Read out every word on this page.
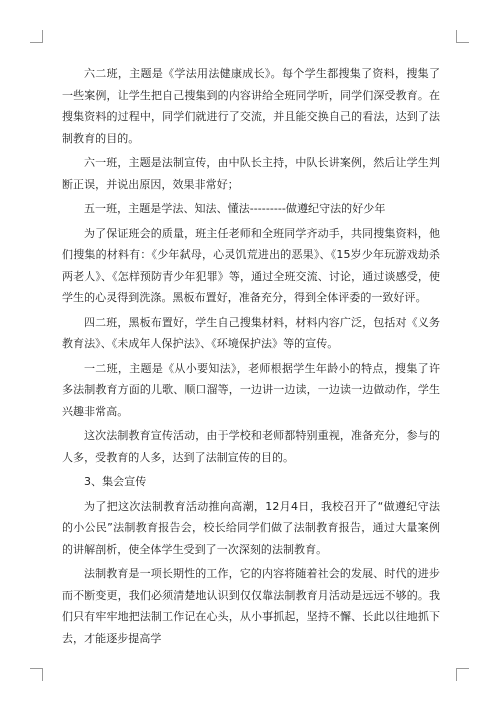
六二班，主题是《学法用法健康成长》。每个学生都搜集了资料，搜集了一些案例，让学生把自己搜集到的内容讲给全班同学听，同学们深受教育。在搜集资料的过程中，同学们就进行了交流，并且能交换自己的看法，达到了法制教育的目的。

六一班，主题是法制宣传，由中队长主持，中队长讲案例，然后让学生判断正误，并说出原因，效果非常好；

五一班，主题是学法、知法、懂法---------做遵纪守法的好少年

为了保证班会的质量，班主任老师和全班同学齐动手，共同搜集资料，他们搜集的材料有：《少年弑母，心灵饥荒进出的恶果》、《15岁少年玩游戏劫杀两老人》、《怎样预防青少年犯罪》等，通过全班交流、讨论，通过谈感受，使学生的心灵得到洗涤。黑板布置好，准备充分，得到全体评委的一致好评。

四二班，黑板布置好，学生自己搜集材料，材料内容广泛，包括对《义务教育法》、《未成年人保护法》、《环境保护法》等的宣传。

一二班，主题是《从小要知法》，老师根据学生年龄小的特点，搜集了许多法制教育方面的儿歌、顺口溜等，一边讲一边读，一边读一边做动作，学生兴趣非常高。

这次法制教育宣传活动，由于学校和老师都特别重视，准备充分，参与的人多，受教育的人多，达到了法制宣传的目的。

3、集会宣传

为了把这次法制教育活动推向高潮，12月4日，我校召开了“做遵纪守法的小公民”法制教育报告会，校长给同学们做了法制教育报告，通过大量案例的讲解剖析，使全体学生受到了一次深刻的法制教育。

法制教育是一项长期性的工作，它的内容将随着社会的发展、时代的进步而不断变更，我们必须清楚地认识到仅仅靠法制教育月活动是远远不够的。我们只有牢牢地把法制工作记在心头，从小事抓起，坚持不懈、长此以往地抓下去，才能逐步提高学
